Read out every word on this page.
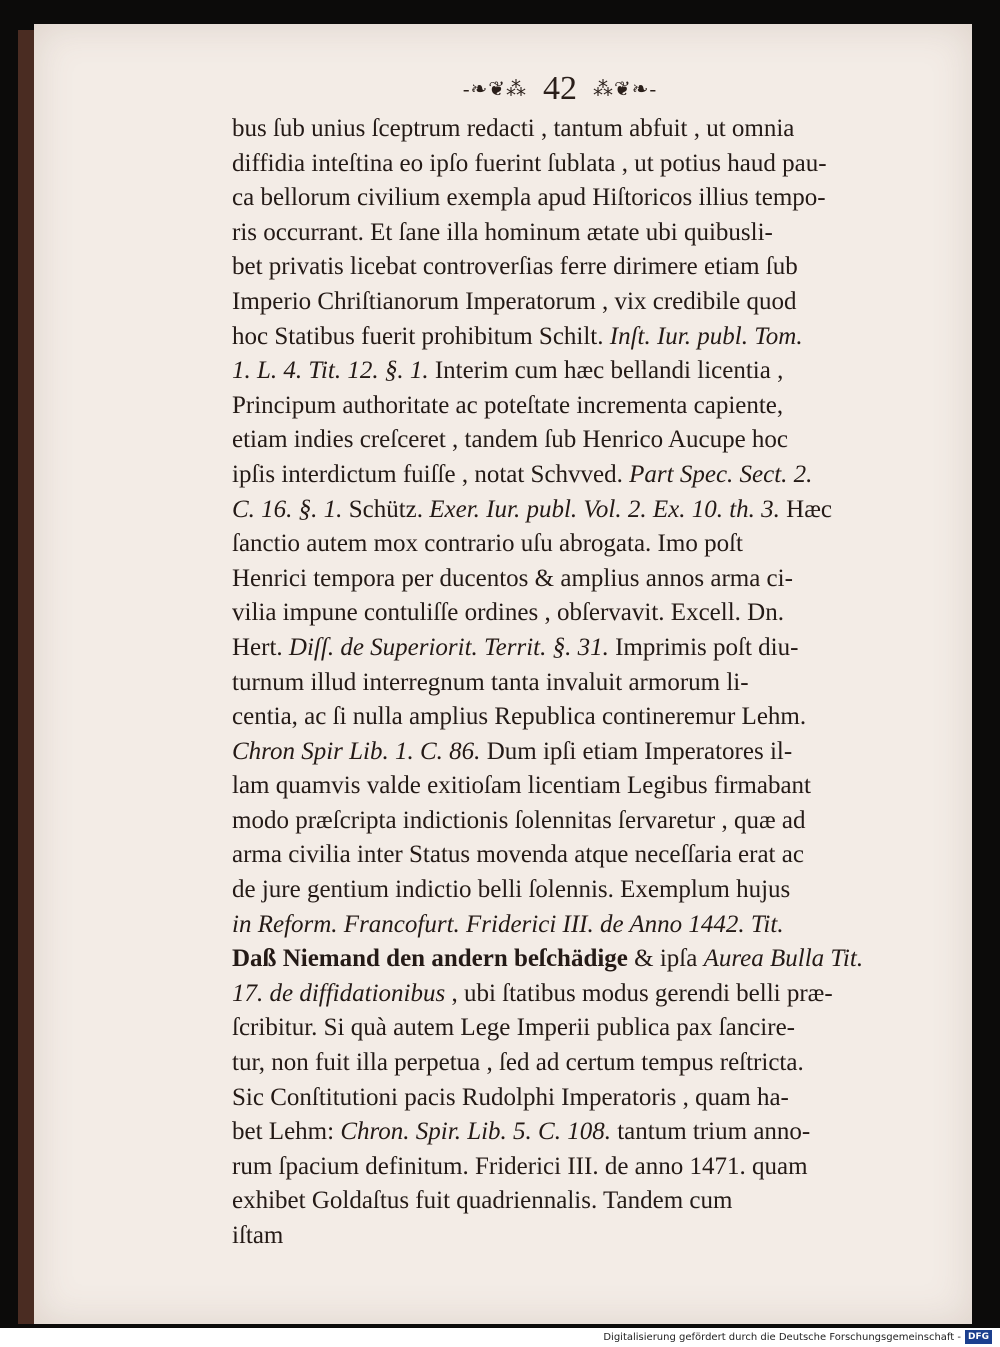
-❧❦⁂ 42 ⁂❦❧-
bus ſub unius ſceptrum redacti , tantum abfuit , ut omnia
diffidia inteſtina eo ipſo fuerint ſublata , ut potius haud pau-
ca bellorum civilium exempla apud Hiſtoricos illius tempo-
ris occurrant. Et ſane illa hominum ætate ubi quibusli-
bet privatis licebat controverſias ferre dirimere etiam ſub
Imperio Chriſtianorum Imperatorum , vix credibile quod
hoc Statibus fuerit prohibitum Schilt. Inſt. Iur. publ. Tom.
1. L. 4. Tit. 12. §. 1. Interim cum hæc bellandi licentia ,
Principum authoritate ac poteſtate incrementa capiente,
etiam indies creſceret , tandem ſub Henrico Aucupe hoc
ipſis interdictum fuiſſe , notat Schvved. Part Spec. Sect. 2.
C. 16. §. 1. Schütz. Exer. Iur. publ. Vol. 2. Ex. 10. th. 3. Hæc
ſanctio autem mox contrario uſu abrogata. Imo poſt
Henrici tempora per ducentos & amplius annos arma ci-
vilia impune contuliſſe ordines , obſervavit. Excell. Dn.
Hert. Diſſ. de Superiorit. Territ. §. 31. Imprimis poſt diu-
turnum illud interregnum tanta invaluit armorum li-
centia, ac ſi nulla amplius Republica contineremur Lehm.
Chron Spir Lib. 1. C. 86. Dum ipſi etiam Imperatores il-
lam quamvis valde exitioſam licentiam Legibus firmabant
modo præſcripta indictionis ſolennitas ſervaretur , quæ ad
arma civilia inter Status movenda atque neceſſaria erat ac
de jure gentium indictio belli ſolennis. Exemplum hujus
in Reform. Francofurt. Friderici III. de Anno 1442. Tit.
Daß Niemand den andern beſchädige & ipſa Aurea Bulla Tit.
17. de diffidationibus , ubi ſtatibus modus gerendi belli præ-
ſcribitur. Si quà autem Lege Imperii publica pax ſancire-
tur, non fuit illa perpetua , ſed ad certum tempus reſtricta.
Sic Conſtitutioni pacis Rudolphi Imperatoris , quam ha-
bet Lehm: Chron. Spir. Lib. 5. C. 108. tantum trium anno-
rum ſpacium definitum. Friderici III. de anno 1471. quam
exhibet Goldaſtus fuit quadriennalis. Tandem cum
iſtam
Digitalisierung gefördert durch die Deutsche Forschungsgemeinschaft - DFG
